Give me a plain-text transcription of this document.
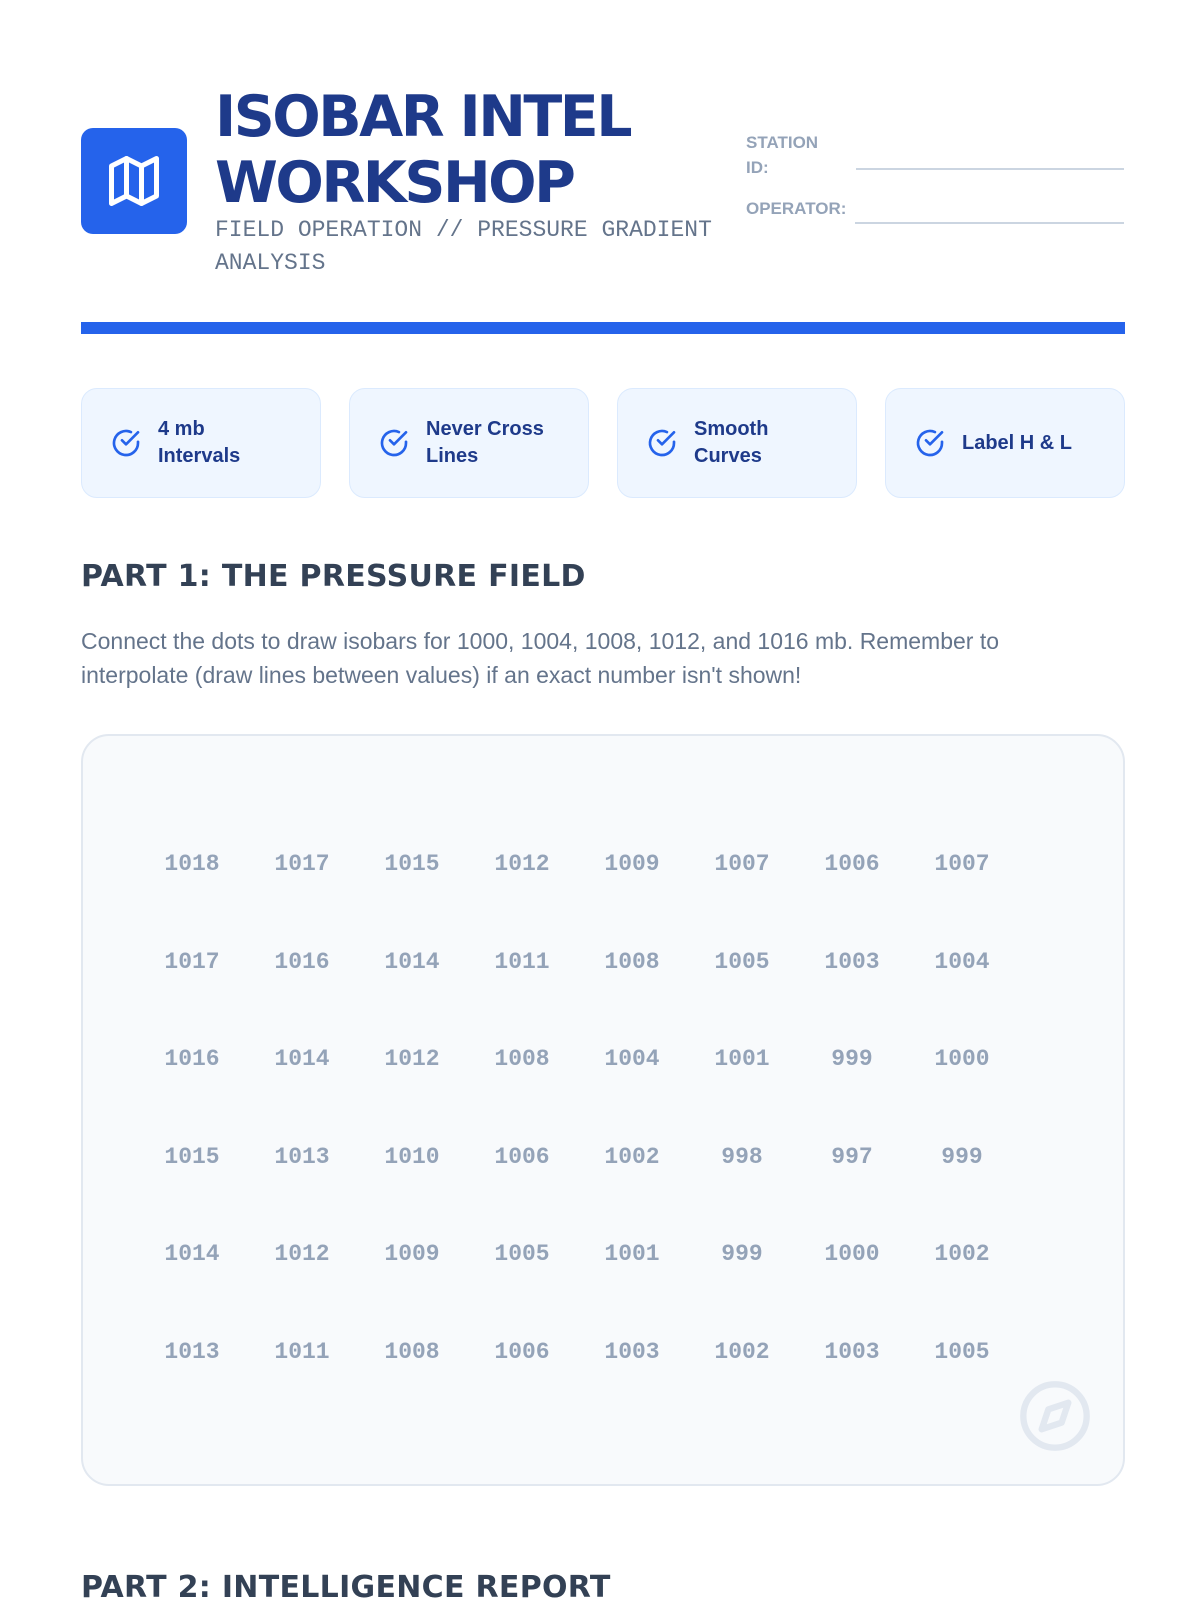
ISOBAR INTEL
WORKSHOP
FIELD OPERATION // PRESSURE GRADIENT
ANALYSIS
STATION
ID:
OPERATOR:
4 mb
Intervals
Never Cross
Lines
Smooth
Curves
Label H & L
PART 1: THE PRESSURE FIELD

Connect the dots to draw isobars for 1000, 1004, 1008, 1012, and 1016 mb. Remember to
interpolate (draw lines between values) if an exact number isn't shown!

1018	1017	1015	1012	1009	1007	1006	1007
1017	1016	1014	1011	1008	1005	1003	1004
1016	1014	1012	1008	1004	1001	999	1000
1015	1013	1010	1006	1002	998	997	999
1014	1012	1009	1005	1001	999	1000	1002
1013	1011	1008	1006	1003	1002	1003	1005
PART 2: INTELLIGENCE REPORT
